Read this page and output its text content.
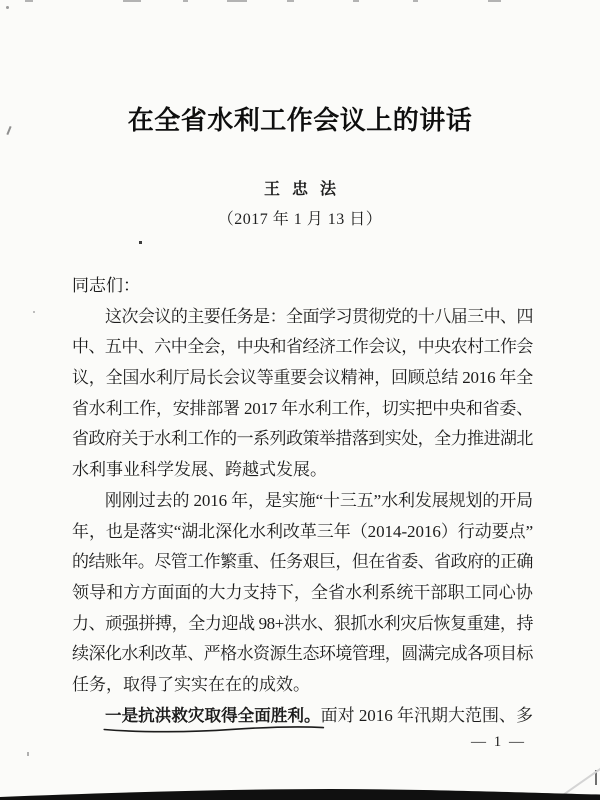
在全省水利工作会议上的讲话
王 忠 法
（2017 年 1 月 13 日）
同志们：
这次会议的主要任务是：全面学习贯彻党的十八届三中、四
中、五中、六中全会，中央和省经济工作会议，中央农村工作会
议，全国水利厅局长会议等重要会议精神，回顾总结 2016 年全
省水利工作，安排部署 2017 年水利工作，切实把中央和省委、
省政府关于水利工作的一系列政策举措落到实处，全力推进湖北
水利事业科学发展、跨越式发展。
刚刚过去的 2016 年，是实施“十三五”水利发展规划的开局
年，也是落实“湖北深化水利改革三年（2014-2016）行动要点”
的结账年。尽管工作繁重、任务艰巨，但在省委、省政府的正确
领导和方方面面的大力支持下，全省水利系统干部职工同心协
力、顽强拼搏，全力迎战 98+洪水、狠抓水利灾后恢复重建，持
续深化水利改革、严格水资源生态环境管理，圆满完成各项目标
任务，取得了实实在在的成效。
一是抗洪救灾取得全面胜利。
面对 2016 年汛期大范围、多
— 1 —
